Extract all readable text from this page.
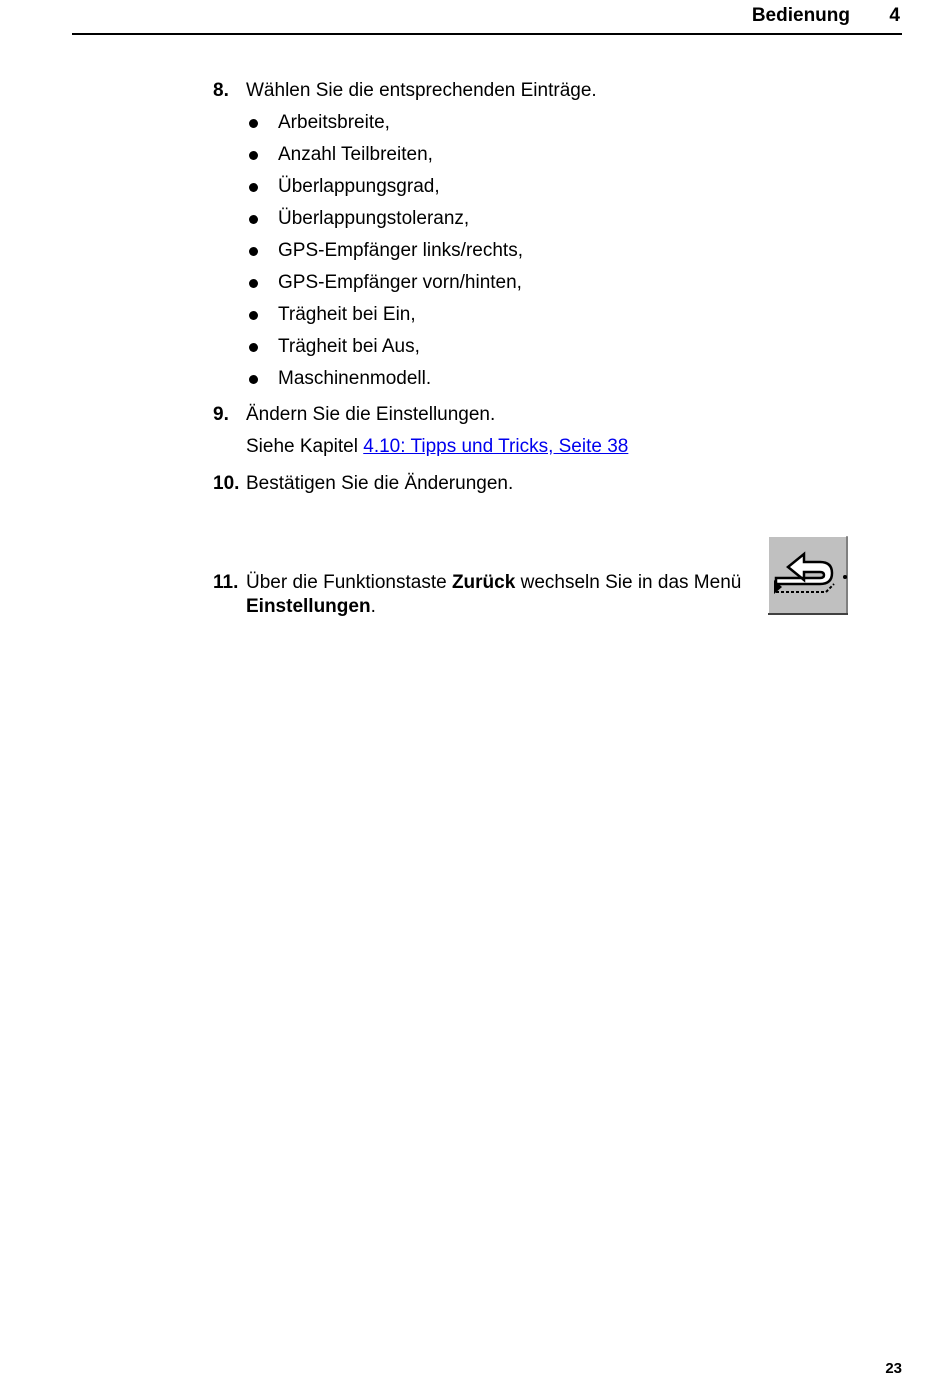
Bedienung	4
8. Wählen Sie die entsprechenden Einträge.
Arbeitsbreite,
Anzahl Teilbreiten,
Überlappungsgrad,
Überlappungstoleranz,
GPS-Empfänger links/rechts,
GPS-Empfänger vorn/hinten,
Trägheit bei Ein,
Trägheit bei Aus,
Maschinenmodell.
9. Ändern Sie die Einstellungen.
Siehe Kapitel 4.10: Tipps und Tricks, Seite 38
10. Bestätigen Sie die Änderungen.
11. Über die Funktionstaste Zurück wechseln Sie in das Menü Einstellungen.
23
